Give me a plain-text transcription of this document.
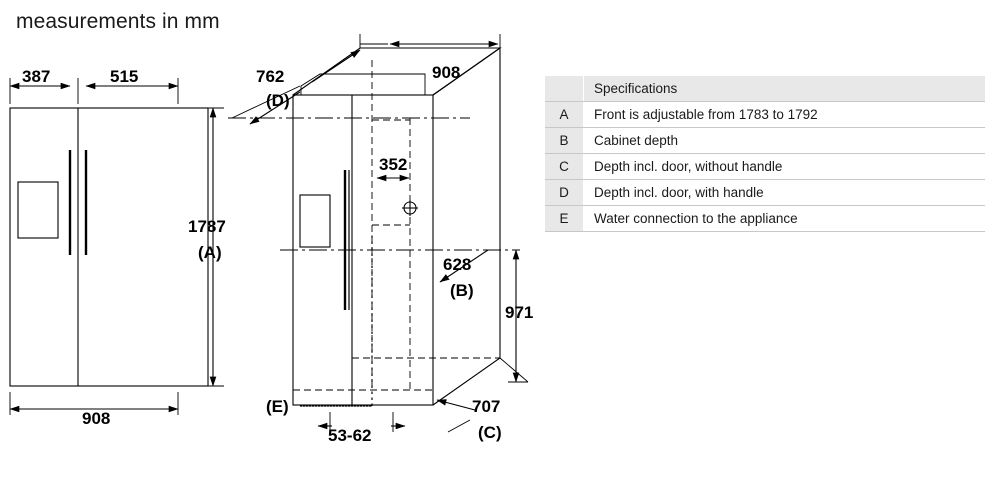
measurements in mm
387	515
1787
(A)
908
762
(D)
908
352
628
(B)
971
707
(C)
(E)
53-62
	Specifications
A	Front is adjustable from 1783 to 1792
B	Cabinet depth
C	Depth incl. door, without handle
D	Depth incl. door, with handle
E	Water connection to the appliance
